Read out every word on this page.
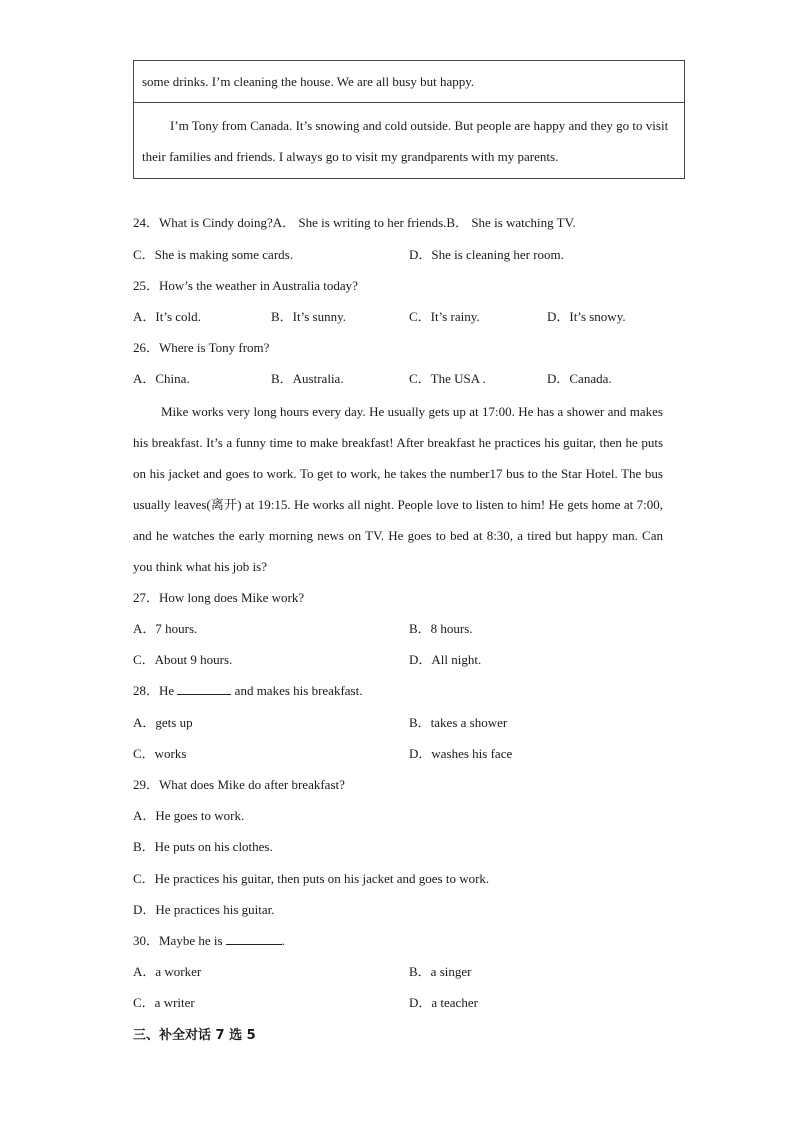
some drinks. I’m cleaning the house. We are all busy but happy.

I’m Tony from Canada. It’s snowing and cold outside. But people are happy and they go to visit their families and friends. I always go to visit my grandparents with my parents.

24．What is Cindy doing?A． She is writing to her friends.B． She is watching TV.
C．She is making some cards.	D．She is cleaning her room.
25．How’s the weather in Australia today?
A．It’s cold.	B．It’s sunny.	C．It’s rainy.	D．It’s snowy.
26．Where is Tony from?
A．China.	B．Australia.	C．The USA .	D．Canada.

Mike works very long hours every day. He usually gets up at 17:00. He has a shower and makes his breakfast. It’s a funny time to make breakfast! After breakfast he practices his guitar, then he puts on his jacket and goes to work. To get to work, he takes the number17 bus to the Star Hotel. The bus usually leaves(离开) at 19:15. He works all night. People love to listen to him! He gets home at 7:00, and he watches the early morning news on TV. He goes to bed at 8:30, a tired but happy man. Can you think what his job is?

27．How long does Mike work?
A．7 hours.	B．8 hours.
C．About 9 hours.	D．All night.
28．He	and makes his breakfast.
A．gets up	B．takes a shower
C．works	D．washes his face
29．What does Mike do after breakfast?
A．He goes to work.
B．He puts on his clothes.
C．He practices his guitar, then puts on his jacket and goes to work.
D．He practices his guitar.
30．Maybe he is	.
A．a worker	B．a singer
C．a writer	D．a teacher
三、补全对话 7 选 5
